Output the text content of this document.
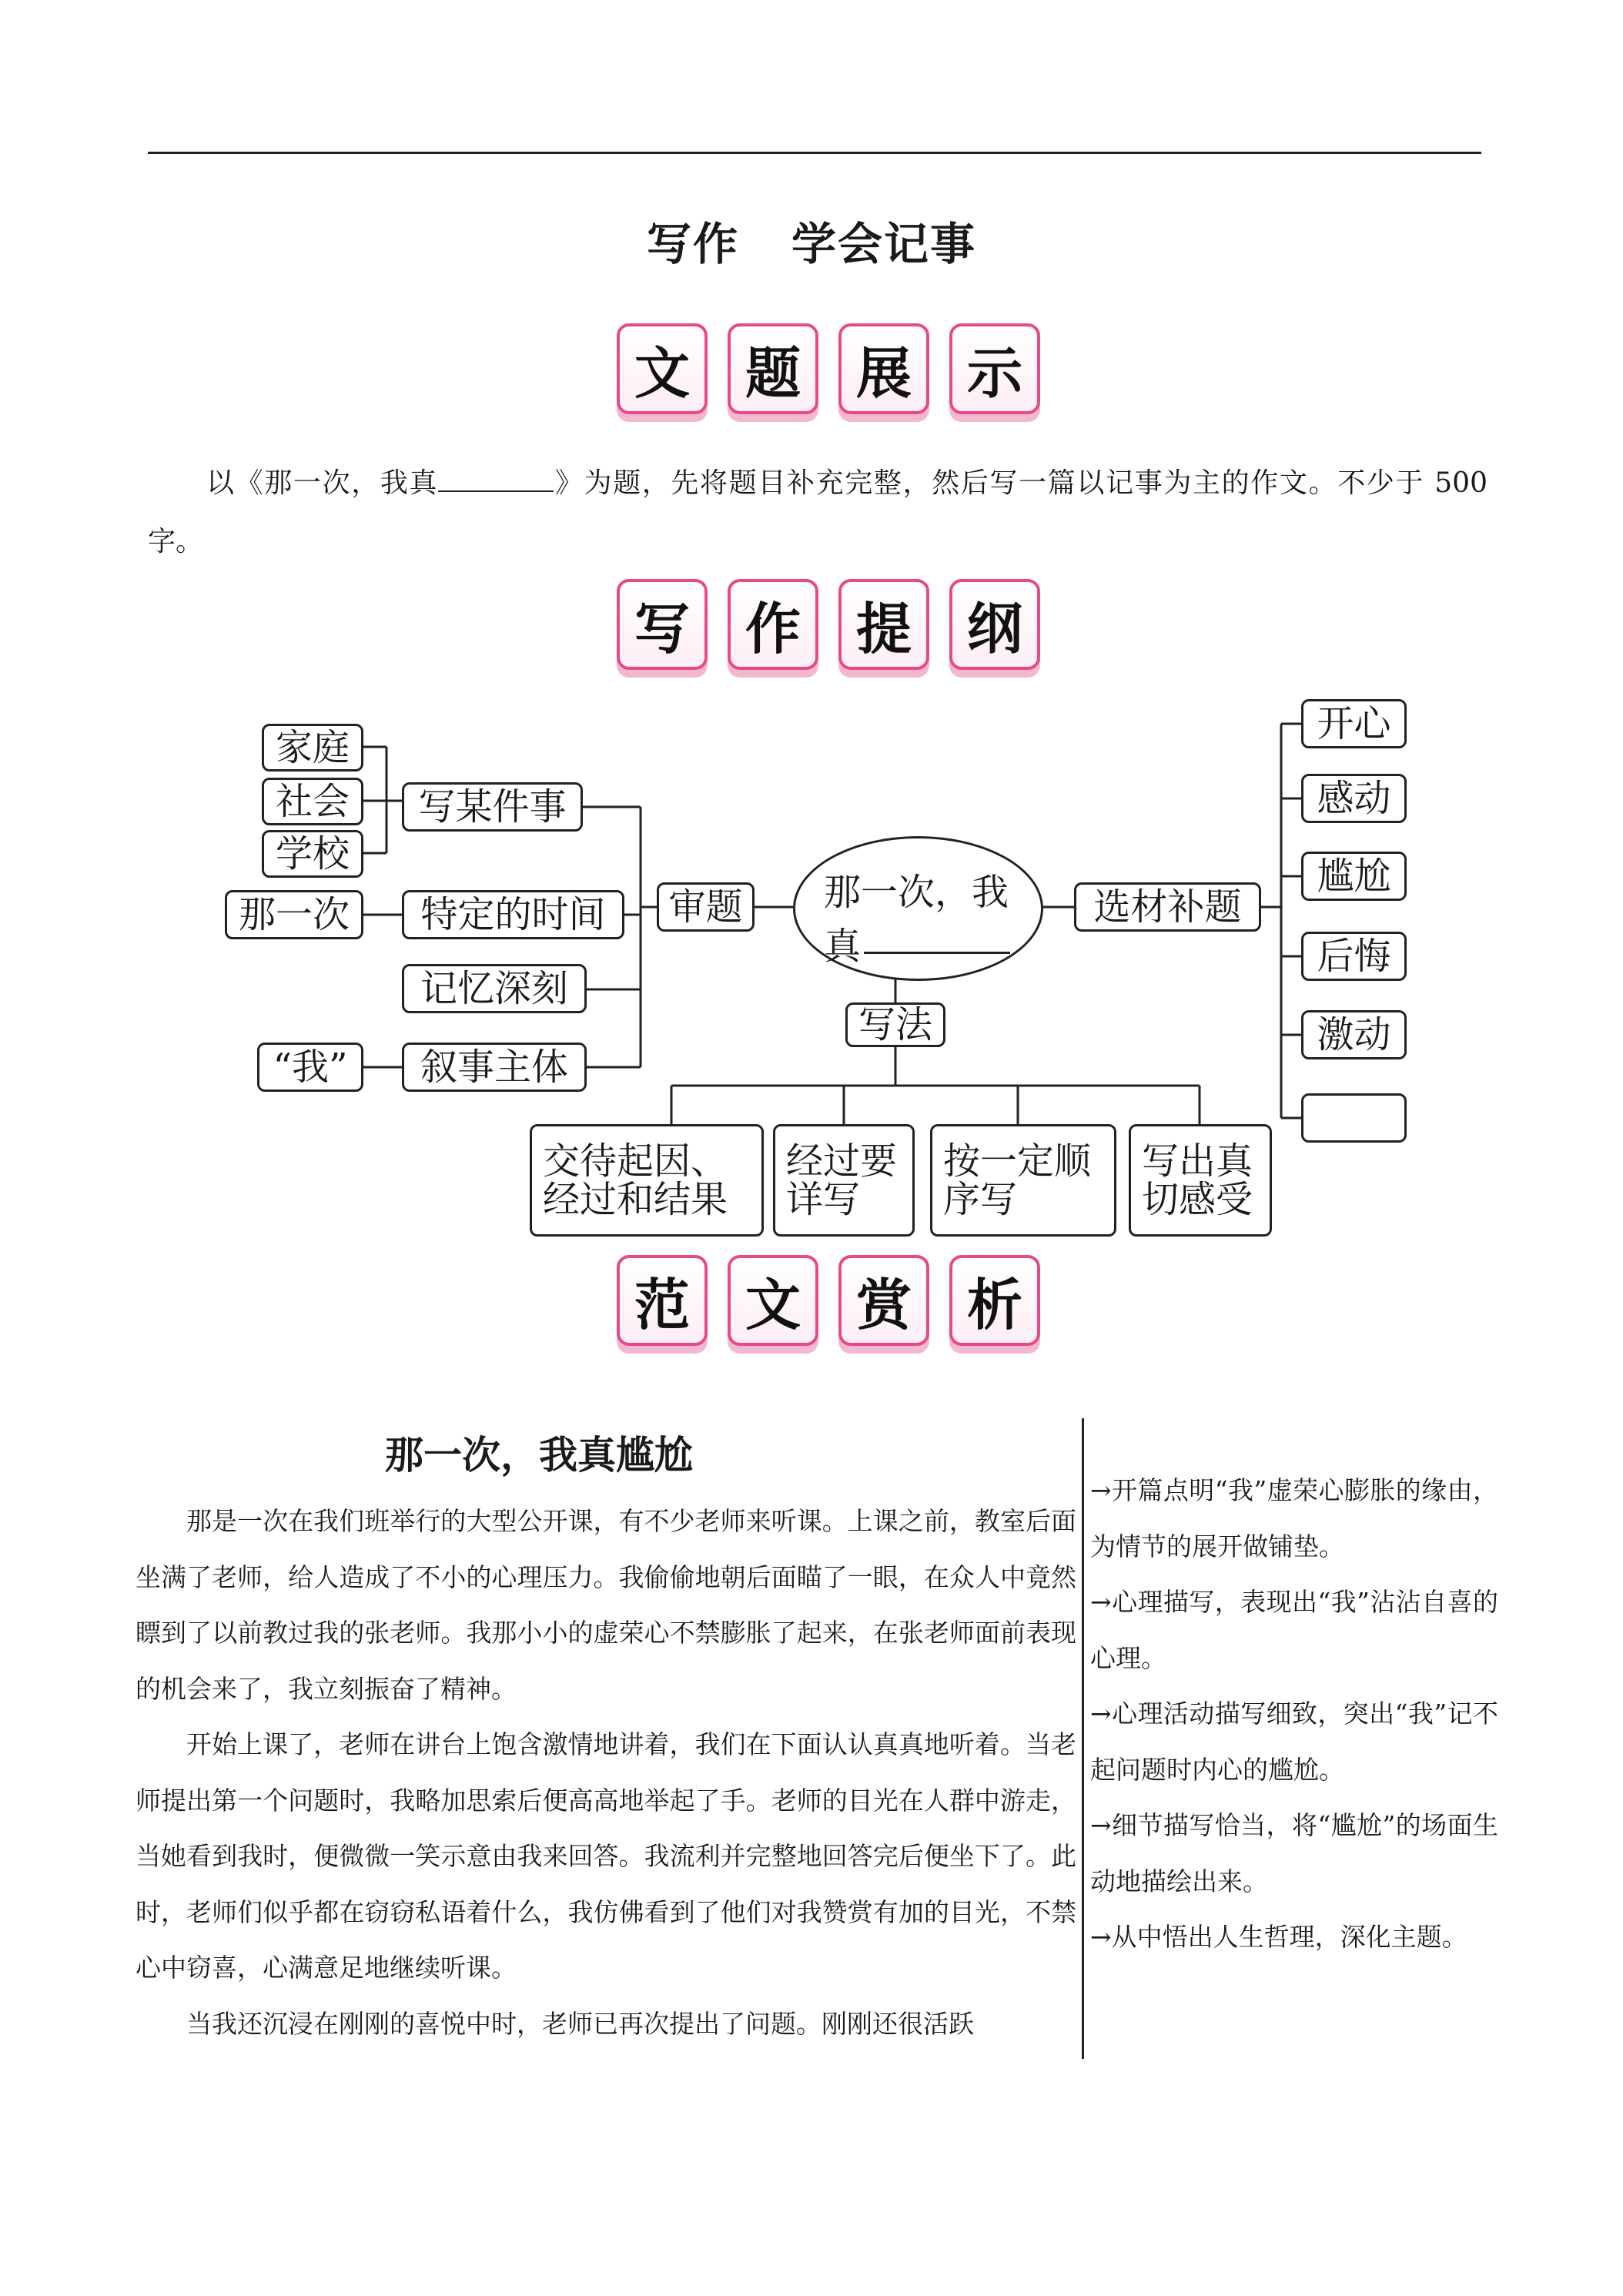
写作 学会记事
文 题 展 示
以《那一次，我真	》为题，先将题目补充完整，然后写一篇以记事为主的作文。不少于 500 字。
写 作 提 纲
家庭
社会
学校
写某件事
那一次	特定的时间
记忆深刻
“我”	叙事主体
审题	那一次，我
真
选材补题
开心
感动
尴尬
后悔
激动
写法
交待起因、
经过和结果
经过要
详写
按一定顺
序写
写出真
切感受
范 文 赏 析
那一次，我真尴尬

那是一次在我们班举行的大型公开课，有不少老师来听课。上课之前，教室后面坐满了老师，给人造成了不小的心理压力。我偷偷地朝后面瞄了一眼，在众人中竟然瞟到了以前教过我的张老师。我那小小的虚荣心不禁膨胀了起来，在张老师面前表现的机会来了，我立刻振奋了精神。

开始上课了，老师在讲台上饱含激情地讲着，我们在下面认认真真地听着。当老师提出第一个问题时，我略加思索后便高高地举起了手。老师的目光在人群中游走，当她看到我时，便微微一笑示意由我来回答。我流利并完整地回答完后便坐下了。此时，老师们似乎都在窃窃私语着什么，我仿佛看到了他们对我赞赏有加的目光，不禁心中窃喜，心满意足地继续听课。

当我还沉浸在刚刚的喜悦中时，老师已再次提出了问题。刚刚还很活跃

→开篇点明“我”虚荣心膨胀的缘由，为情节的展开做铺垫。

→心理描写，表现出“我”沾沾自喜的心理。

→心理活动描写细致，突出“我”记不起问题时内心的尴尬。

→细节描写恰当，将“尴尬”的场面生动地描绘出来。

→从中悟出人生哲理，深化主题。
